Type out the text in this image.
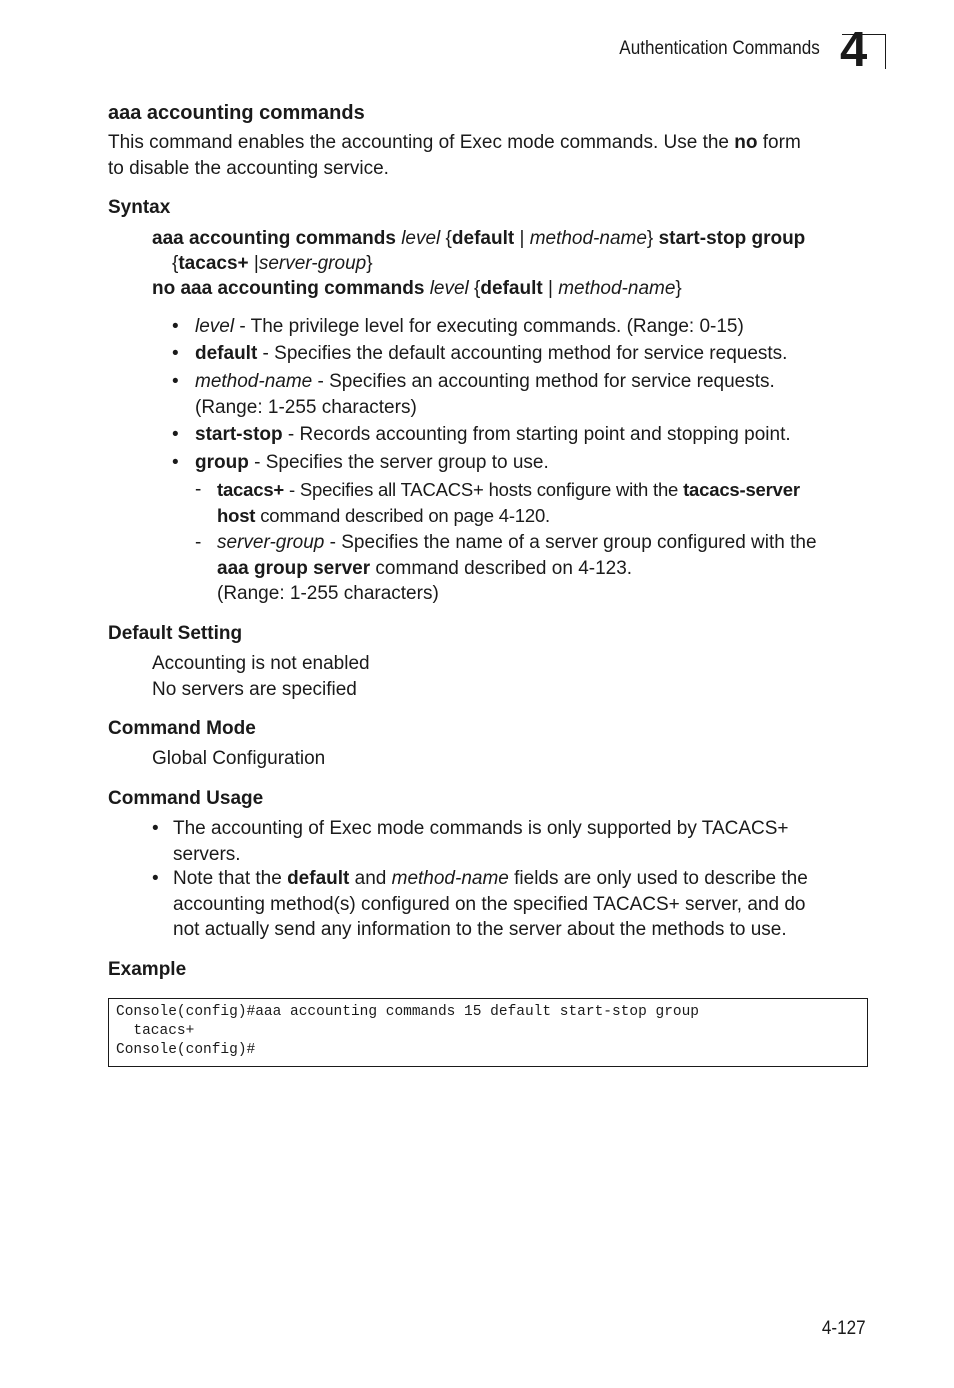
Authentication Commands 4
aaa accounting commands
This command enables the accounting of Exec mode commands. Use the no form
to disable the accounting service.
Syntax
aaa accounting commands level {default | method-name} start-stop group
{tacacs+ |server-group}
no aaa accounting commands level {default | method-name}
• level - The privilege level for executing commands. (Range: 0-15)
• default - Specifies the default accounting method for service requests.
• method-name - Specifies an accounting method for service requests.
(Range: 1-255 characters)
• start-stop - Records accounting from starting point and stopping point.
• group - Specifies the server group to use.
- tacacs+ - Specifies all TACACS+ hosts configure with the tacacs-server
host command described on page 4-120.
- server-group - Specifies the name of a server group configured with the
aaa group server command described on 4-123.
(Range: 1-255 characters)
Default Setting
Accounting is not enabled
No servers are specified
Command Mode
Global Configuration
Command Usage
• The accounting of Exec mode commands is only supported by TACACS+
servers.
• Note that the default and method-name fields are only used to describe the
accounting method(s) configured on the specified TACACS+ server, and do
not actually send any information to the server about the methods to use.
Example
Console(config)#aaa accounting commands 15 default start-stop group
tacacs+
Console(config)#
4-127
